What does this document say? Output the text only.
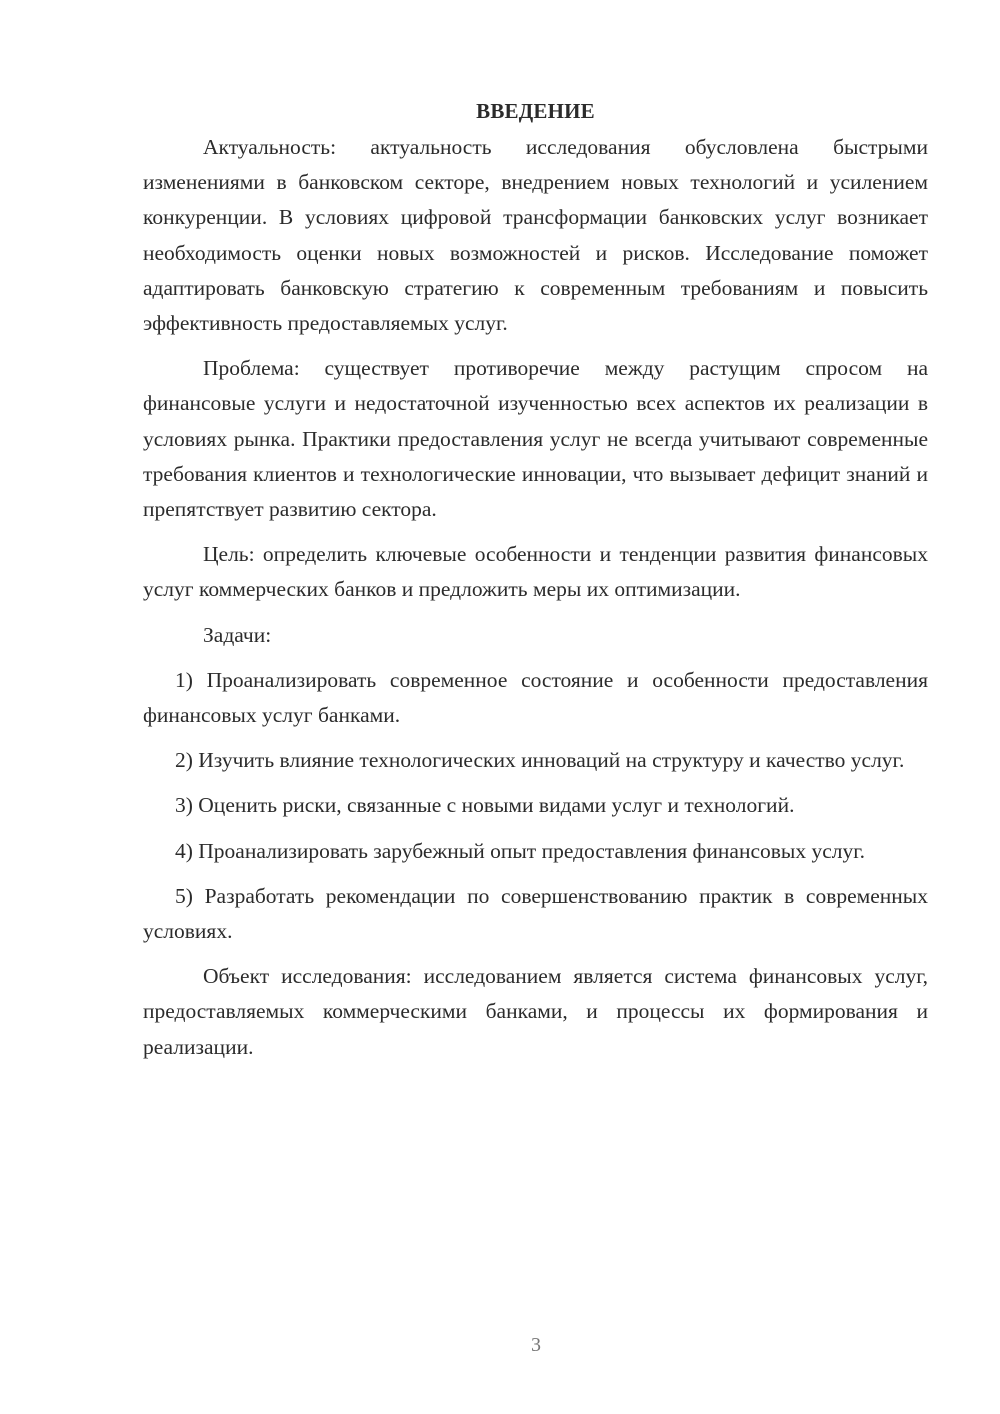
ВВЕДЕНИЕ

Актуальность: актуальность исследования обусловлена быстрыми изменениями в банковском секторе, внедрением новых технологий и усилением конкуренции. В условиях цифровой трансформации банковских услуг возникает необходимость оценки новых возможностей и рисков. Исследование поможет адаптировать банковскую стратегию к современным требованиям и повысить эффективность предоставляемых услуг.

Проблема: существует противоречие между растущим спросом на финансовые услуги и недостаточной изученностью всех аспектов их реализации в условиях рынка. Практики предоставления услуг не всегда учитывают современные требования клиентов и технологические инновации, что вызывает дефицит знаний и препятствует развитию сектора.

Цель: определить ключевые особенности и тенденции развития финансовых услуг коммерческих банков и предложить меры их оптимизации.

Задачи:

1) Проанализировать современное состояние и особенности предоставления финансовых услуг банками.

2) Изучить влияние технологических инноваций на структуру и качество услуг.

3) Оценить риски, связанные с новыми видами услуг и технологий.

4) Проанализировать зарубежный опыт предоставления финансовых услуг.

5) Разработать рекомендации по совершенствованию практик в современных условиях.

Объект исследования: исследованием является система финансовых услуг, предоставляемых коммерческими банками, и процессы их формирования и реализации.

3
